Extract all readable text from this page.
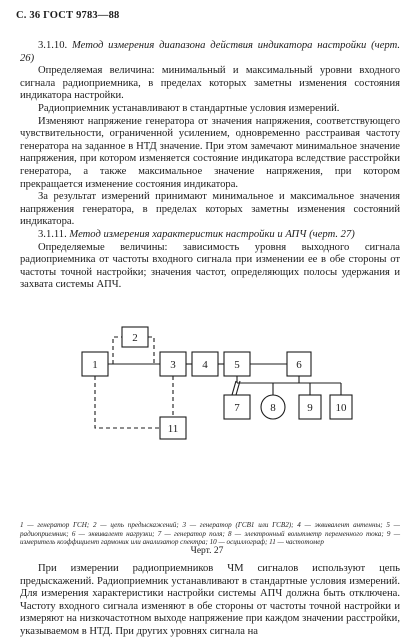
С. 36 ГОСТ 9783—88

3.1.10. Метод измерения диапазона действия индикатора настройки (черт. 26)

Определяемая величина: минимальный и максимальный уровни входного сигнала радиоприемника, в пределах которых заметны изменения состояния индикатора настройки.

Радиоприемник устанавливают в стандартные условия измерений.

Изменяют напряжение генератора от значения напряжения, соответствующего чувствительности, ограниченной усилением, одновременно расстраивая частоту генератора на заданное в НТД значение. При этом замечают минимальное значение напряжения, при котором изменяется состояние индикатора вследствие расстройки генератора, а также максимальное значение напряжения, при котором прекращается изменение состояния индикатора.

За результат измерений принимают минимальное и максимальное значения напряжения генератора, в пределах которых заметны изменения состояний индикатора.

3.1.11. Метод измерения характеристик настройки и АПЧ (черт. 27)

Определяемые величины: зависимость уровня выходного сигнала радиоприемника от частоты входного сигнала при изменении ее в обе стороны от частоты точной настройки; значения частот, определяющих полосы удержания и захвата системы АПЧ.

1
2
3 4 5	6
7	8	9 10
11
1 — генератор ГСН; 2 — цепь предыскажений; 3 — генератор (ГСВ1 или ГСВ2); 4 — эквивалент антенны; 5 — радиоприемник; 6 — эквивалент нагрузки; 7 — генератор поля; 8 — электронный вольтметр переменного тока; 9 — измеритель коэффициент гармоник или анализатор спектра; 10 — осциллограф; 11 — частотомер
Черт. 27

При измерении радиоприемников ЧМ сигналов используют цепь предыскажений. Радиоприемник устанавливают в стандартные условия измерений. Для измерения характеристики настройки системы АПЧ должна быть отключена. Частоту входного сигнала изменяют в обе стороны от частоты точной настройки и измеряют на низкочастотном выходе напряжение при каждом значении расстройки, указываемом в НТД. При других уровнях сигнала на
